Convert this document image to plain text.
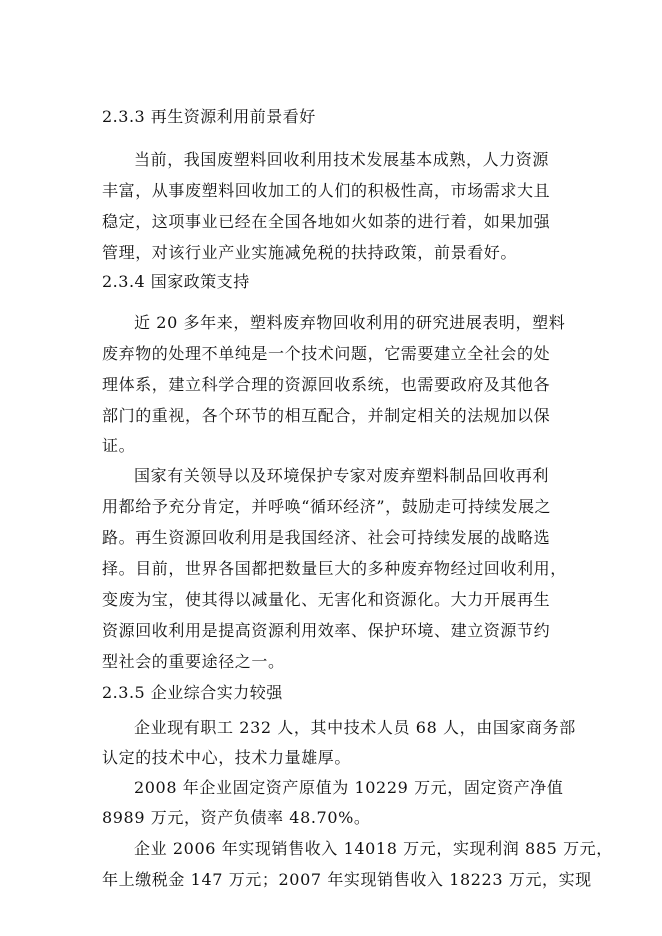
2.3.3 再生资源利用前景看好
当前，我国废塑料回收利用技术发展基本成熟，人力资源
丰富，从事废塑料回收加工的人们的积极性高，市场需求大且
稳定，这项事业已经在全国各地如火如荼的进行着，如果加强
管理，对该行业产业实施减免税的扶持政策，前景看好。
2.3.4 国家政策支持
近 20 多年来，塑料废弃物回收利用的研究进展表明，塑料
废弃物的处理不单纯是一个技术问题，它需要建立全社会的处
理体系，建立科学合理的资源回收系统，也需要政府及其他各
部门的重视，各个环节的相互配合，并制定相关的法规加以保
证。
国家有关领导以及环境保护专家对废弃塑料制品回收再利
用都给予充分肯定，并呼唤“循环经济”，鼓励走可持续发展之
路。再生资源回收利用是我国经济、社会可持续发展的战略选
择。目前，世界各国都把数量巨大的多种废弃物经过回收利用，
变废为宝，使其得以减量化、无害化和资源化。大力开展再生
资源回收利用是提高资源利用效率、保护环境、建立资源节约
型社会的重要途径之一。
2.3.5 企业综合实力较强
企业现有职工 232 人，其中技术人员 68 人，由国家商务部
认定的技术中心，技术力量雄厚。
2008 年企业固定资产原值为 10229 万元，固定资产净值
8989 万元，资产负债率 48.70%。
企业 2006 年实现销售收入 14018 万元，实现利润 885 万元，
年上缴税金 147 万元；2007 年实现销售收入 18223 万元，实现
